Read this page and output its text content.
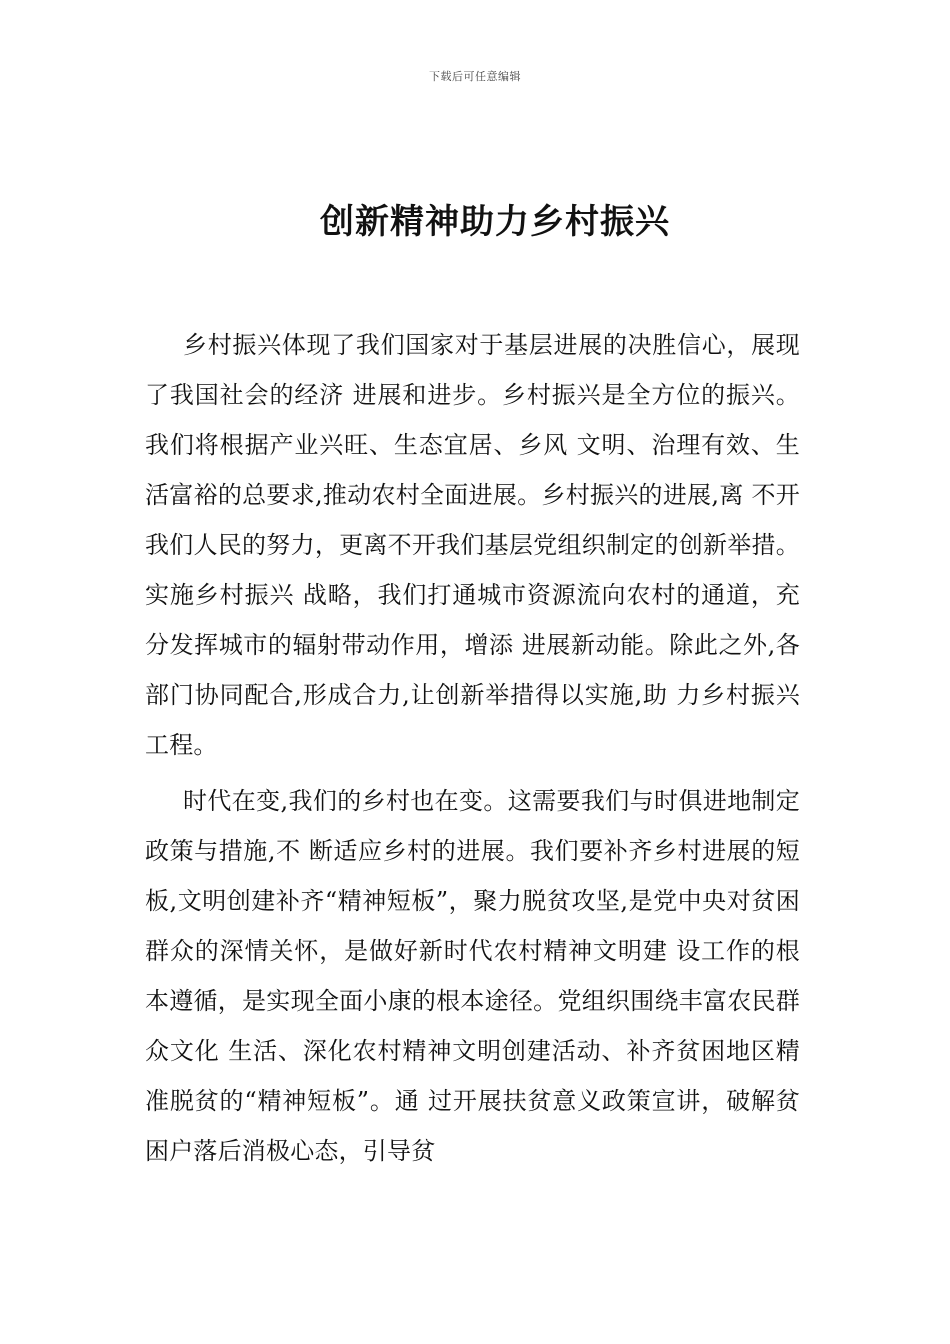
下载后可任意编辑
创新精神助力乡村振兴

乡村振兴体现了我们国家对于基层进展的决胜信心，展现了我国社会的经济 进展和进步。乡村振兴是全方位的振兴。我们将根据产业兴旺、生态宜居、乡风 文明、治理有效、生活富裕的总要求,推动农村全面进展。乡村振兴的进展,离 不开我们人民的努力，更离不开我们基层党组织制定的创新举措。 实施乡村振兴 战略，我们打通城市资源流向农村的通道，充分发挥城市的辐射带动作用，增添 进展新动能。除此之外,各部门协同配合,形成合力,让创新举措得以实施,助 力乡村振兴工程。

时代在变,我们的乡村也在变。这需要我们与时俱进地制定政策与措施,不 断适应乡村的进展。我们要补齐乡村进展的短板,文明创建补齐“精神短板”，聚力脱贫攻坚,是党中央对贫困群众的深情关怀，是做好新时代农村精神文明建 设工作的根本遵循，是实现全面小康的根本途径。党组织围绕丰富农民群众文化 生活、深化农村精神文明创建活动、补齐贫困地区精准脱贫的“精神短板”。通 过开展扶贫意义政策宣讲，破解贫困户落后消极心态，引导贫
